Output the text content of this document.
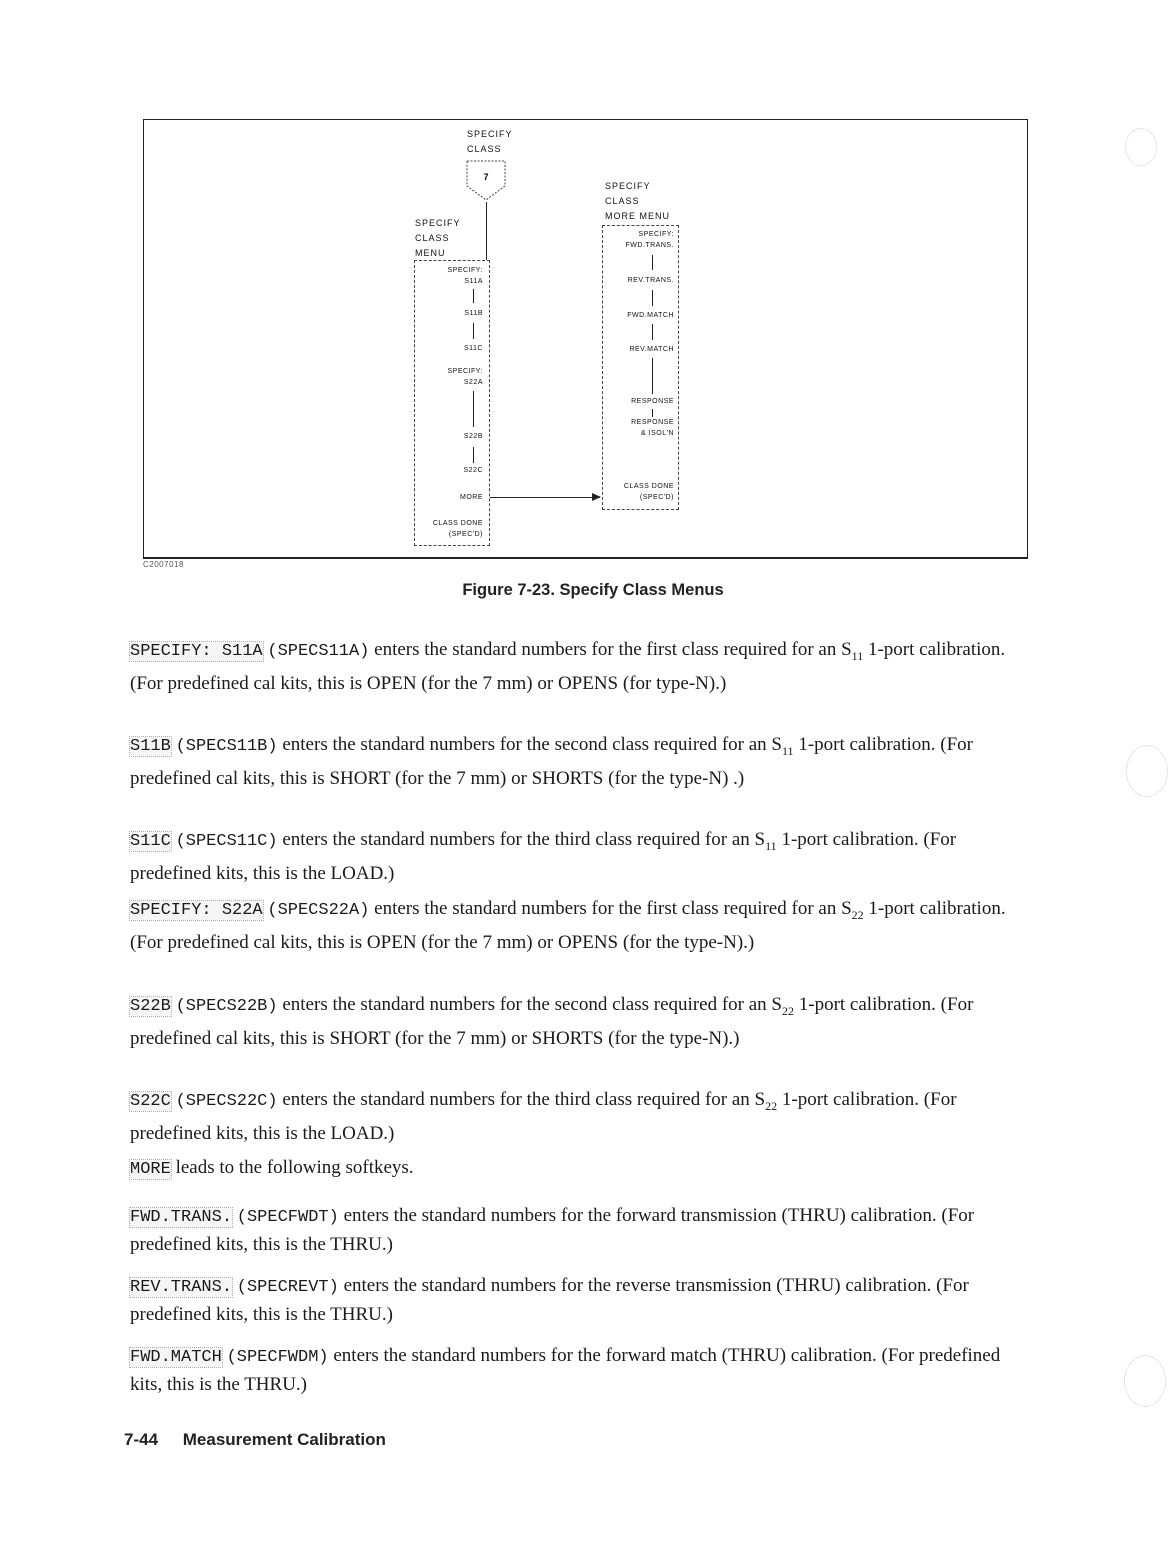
SPECIFY
CLASS
7
SPECIFY
CLASS
MENU
SPECIFY:
S11A
S11B
S11C
SPECIFY:
S22A
S22B
S22C
MORE
CLASS DONE
(SPEC'D)
SPECIFY
CLASS
MORE MENU
SPECIFY:
FWD.TRANS.
REV.TRANS.
FWD.MATCH
REV.MATCH
RESPONSE
RESPONSE
& ISOL'N
CLASS DONE
(SPEC'D)
C2007018
Figure 7-23. Specify Class Menus
SPECIFY: S11A (SPECS11A) enters the standard numbers for the first class required for an $S_{11}$ 1-port calibration. (For predefined cal kits, this is OPEN (for the 7 mm) or OPENS (for type-N).)
S11B (SPECS11B) enters the standard numbers for the second class required for an $S_{11}$ 1-port calibration. (For predefined cal kits, this is SHORT (for the 7 mm) or SHORTS (for the type-N) .)
S11C (SPECS11C) enters the standard numbers for the third class required for an $S_{11}$ 1-port calibration. (For predefined kits, this is the LOAD.)
SPECIFY: S22A (SPECS22A) enters the standard numbers for the first class required for an $S_{22}$ 1-port calibration. (For predefined cal kits, this is OPEN (for the 7 mm) or OPENS (for the type-N).)
S22B (SPECS22B) enters the standard numbers for the second class required for an $S_{22}$ 1-port calibration. (For predefined cal kits, this is SHORT (for the 7 mm) or SHORTS (for the type-N).)
S22C (SPECS22C) enters the standard numbers for the third class required for an $S_{22}$ 1-port calibration. (For predefined kits, this is the LOAD.)
MORE leads to the following softkeys.
FWD.TRANS. (SPECFWDT) enters the standard numbers for the forward transmission (THRU) calibration. (For predefined kits, this is the THRU.)
REV.TRANS. (SPECREVT) enters the standard numbers for the reverse transmission (THRU) calibration. (For predefined kits, this is the THRU.)
FWD.MATCH (SPECFWDM) enters the standard numbers for the forward match (THRU) calibration. (For predefined kits, this is the THRU.)
7-44 Measurement Calibration
